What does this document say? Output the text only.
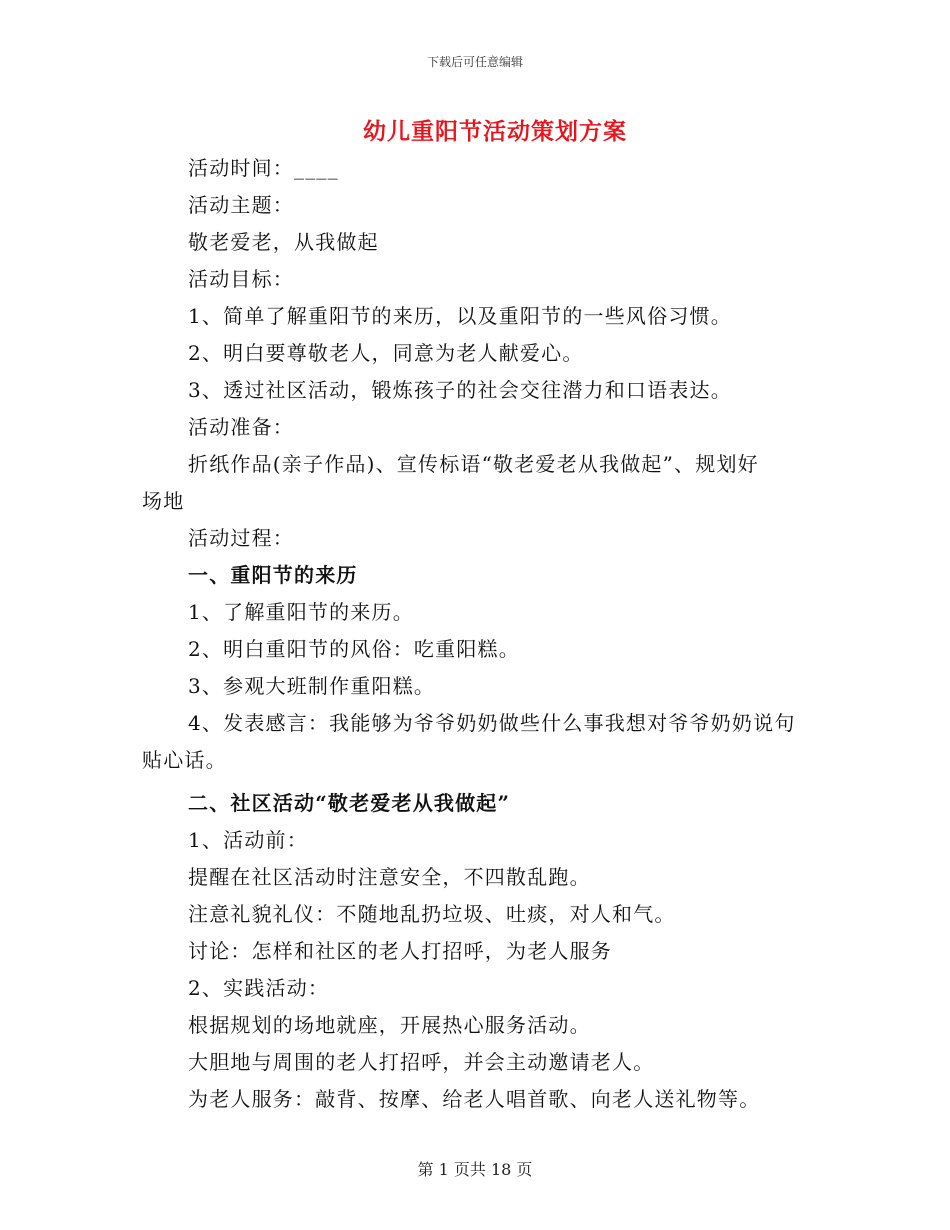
下载后可任意编辑
幼儿重阳节活动策划方案
活动时间：____
活动主题：
敬老爱老，从我做起
活动目标：
1、简单了解重阳节的来历，以及重阳节的一些风俗习惯。
2、明白要尊敬老人，同意为老人献爱心。
3、透过社区活动，锻炼孩子的社会交往潜力和口语表达。
活动准备：
折纸作品(亲子作品)、宣传标语“敬老爱老从我做起”、规划好
场地
活动过程：
一、重阳节的来历
1、了解重阳节的来历。
2、明白重阳节的风俗：吃重阳糕。
3、参观大班制作重阳糕。
4、发表感言：我能够为爷爷奶奶做些什么事我想对爷爷奶奶说句
贴心话。
二、社区活动“敬老爱老从我做起”
1、活动前：
提醒在社区活动时注意安全，不四散乱跑。
注意礼貌礼仪：不随地乱扔垃圾、吐痰，对人和气。
讨论：怎样和社区的老人打招呼，为老人服务
2、实践活动：
根据规划的场地就座，开展热心服务活动。
大胆地与周围的老人打招呼，并会主动邀请老人。
为老人服务：敲背、按摩、给老人唱首歌、向老人送礼物等。
第 1 页共 18 页
